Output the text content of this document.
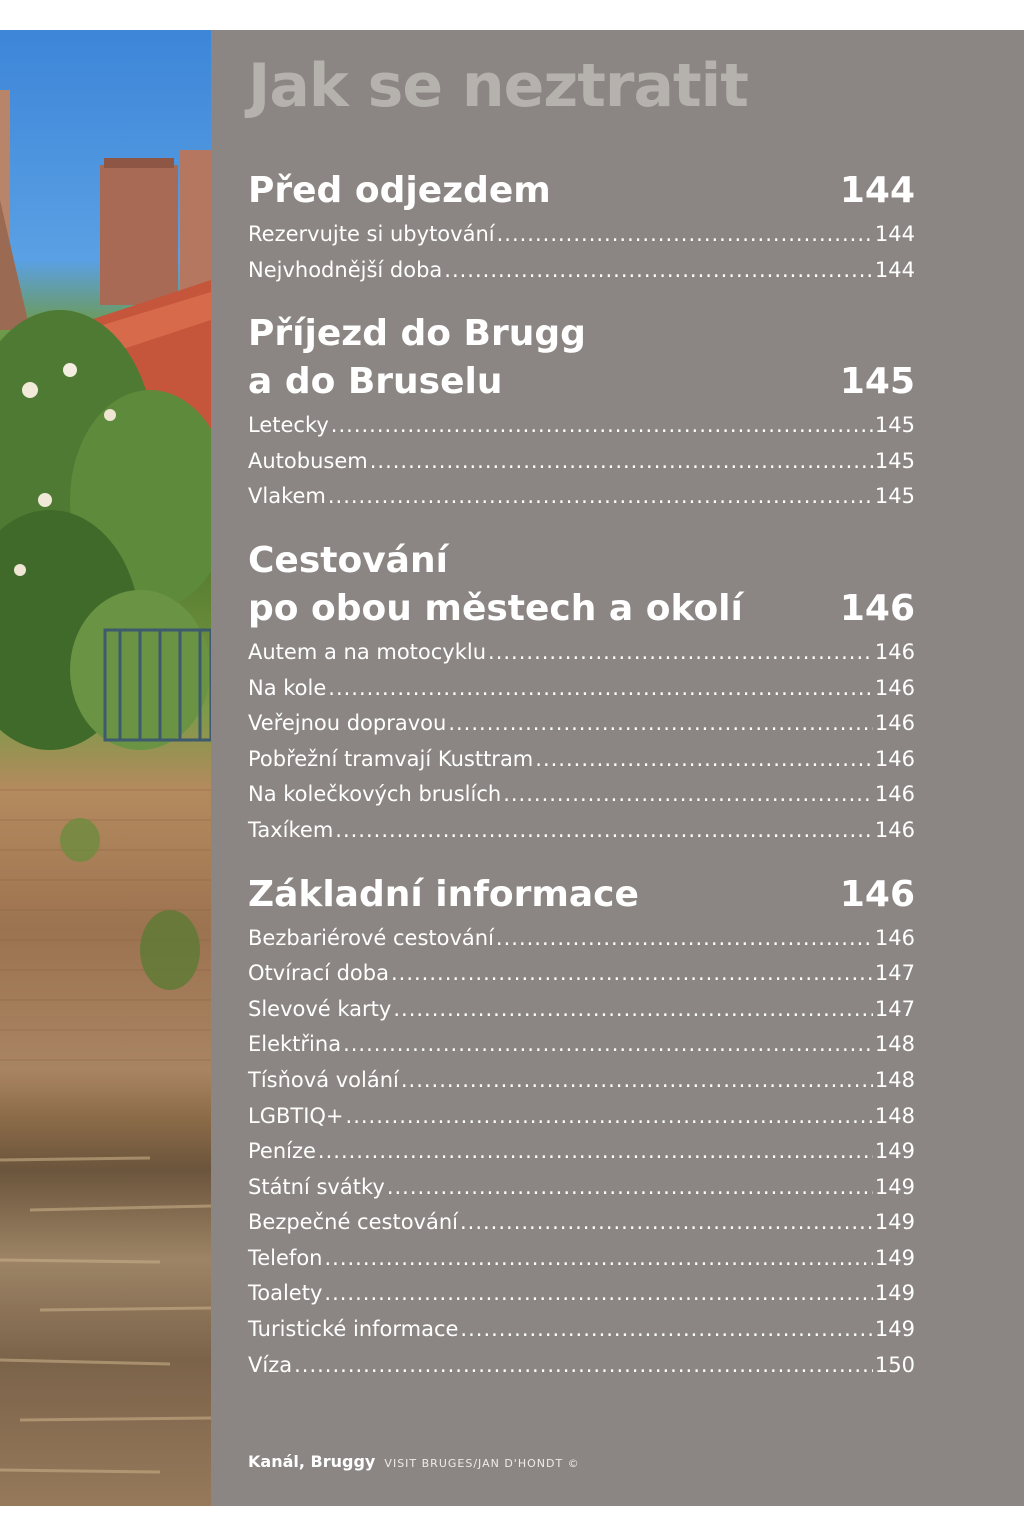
Jak se neztratit
Před odjezdem	144
Rezervujte si ubytování .....	144
Nejvhodnější doba .....	144
Příjezd do Brugg
a do Bruselu	145
Letecky .....	145
Autobusem .....	145
Vlakem .....	145
Cestování
po obou městech a okolí	146
Autem a na motocyklu .....	146
Na kole .....	146
Veřejnou dopravou .....	146
Pobřežní tramvají Kusttram .....	146
Na kolečkových bruslích .....	146
Taxíkem .....	146
Základní informace	146
Bezbariérové cestování .....	146
Otvírací doba .....	147
Slevové karty .....	147
Elektřina .....	148
Tísňová volání .....	148
LGBTIQ+ .....	148
Peníze .....	149
Státní svátky .....	149
Bezpečné cestování .....	149
Telefon .....	149
Toalety .....	149
Turistické informace .....	149
Víza .....	150
Kanál, Bruggy VISIT BRUGES/JAN D'HONDT ©
